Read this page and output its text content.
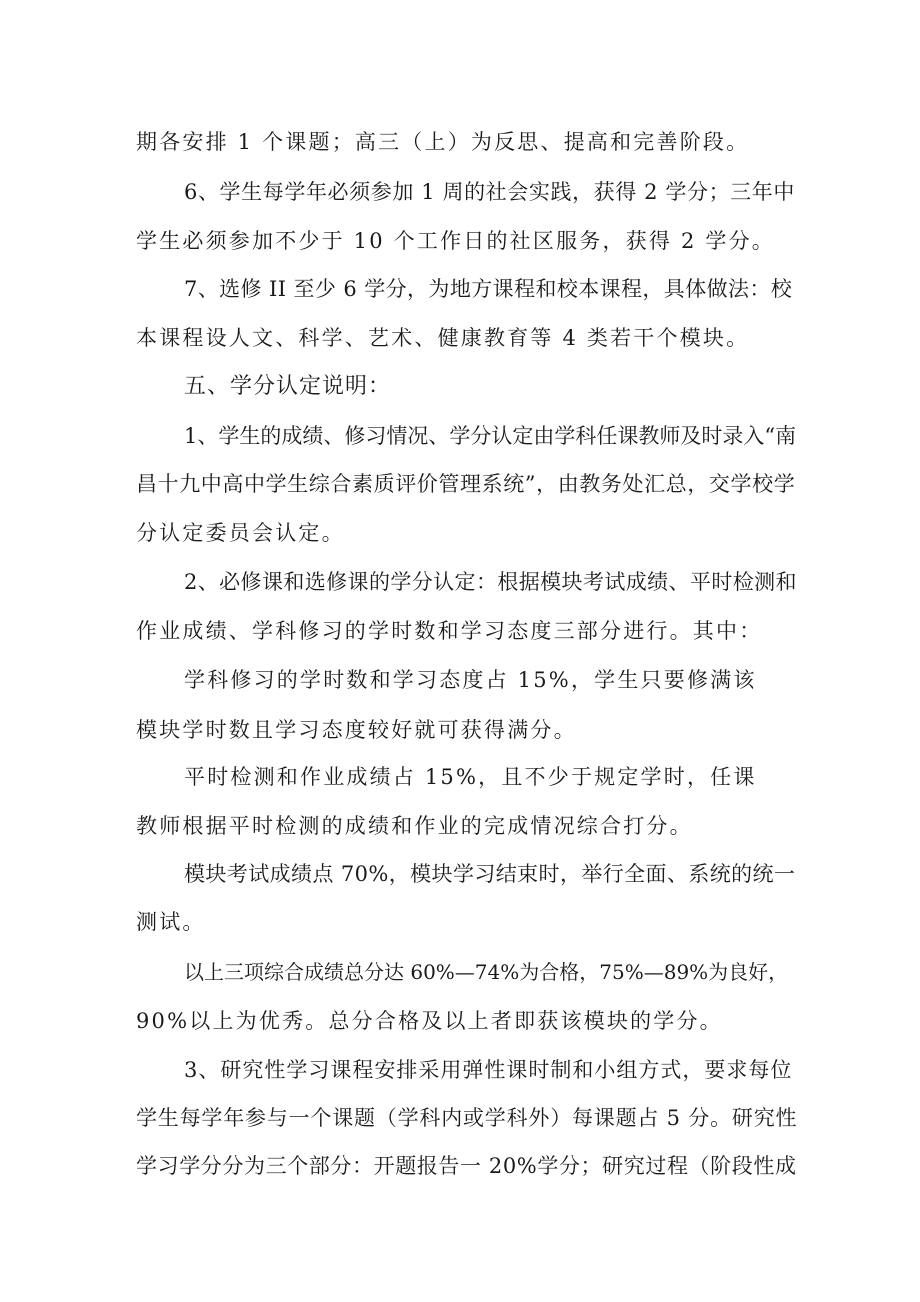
期各安排 1 个课题；高三（上）为反思、提高和完善阶段。
6、学生每学年必须参加 1 周的社会实践，获得 2 学分；三年中
学生必须参加不少于 10 个工作日的社区服务，获得 2 学分。
7、选修 II 至少 6 学分，为地方课程和校本课程，具体做法：校
本课程设人文、科学、艺术、健康教育等 4 类若干个模块。
五、学分认定说明：
1、学生的成绩、修习情况、学分认定由学科任课教师及时录入“南
昌十九中高中学生综合素质评价管理系统”，由教务处汇总，交学校学
分认定委员会认定。
2、必修课和选修课的学分认定：根据模块考试成绩、平时检测和
作业成绩、学科修习的学时数和学习态度三部分进行。其中：
学科修习的学时数和学习态度占 15%，学生只要修满该
模块学时数且学习态度较好就可获得满分。
平时检测和作业成绩占 15%，且不少于规定学时，任课
教师根据平时检测的成绩和作业的完成情况综合打分。
模块考试成绩点 70%，模块学习结束时，举行全面、系统的统一
测试。
以上三项综合成绩总分达 60%—74%为合格，75%—89%为良好，
90%以上为优秀。总分合格及以上者即获该模块的学分。
3、研究性学习课程安排采用弹性课时制和小组方式，要求每位
学生每学年参与一个课题（学科内或学科外）每课题占 5 分。研究性
学习学分分为三个部分：开题报告一 20%学分；研究过程（阶段性成
